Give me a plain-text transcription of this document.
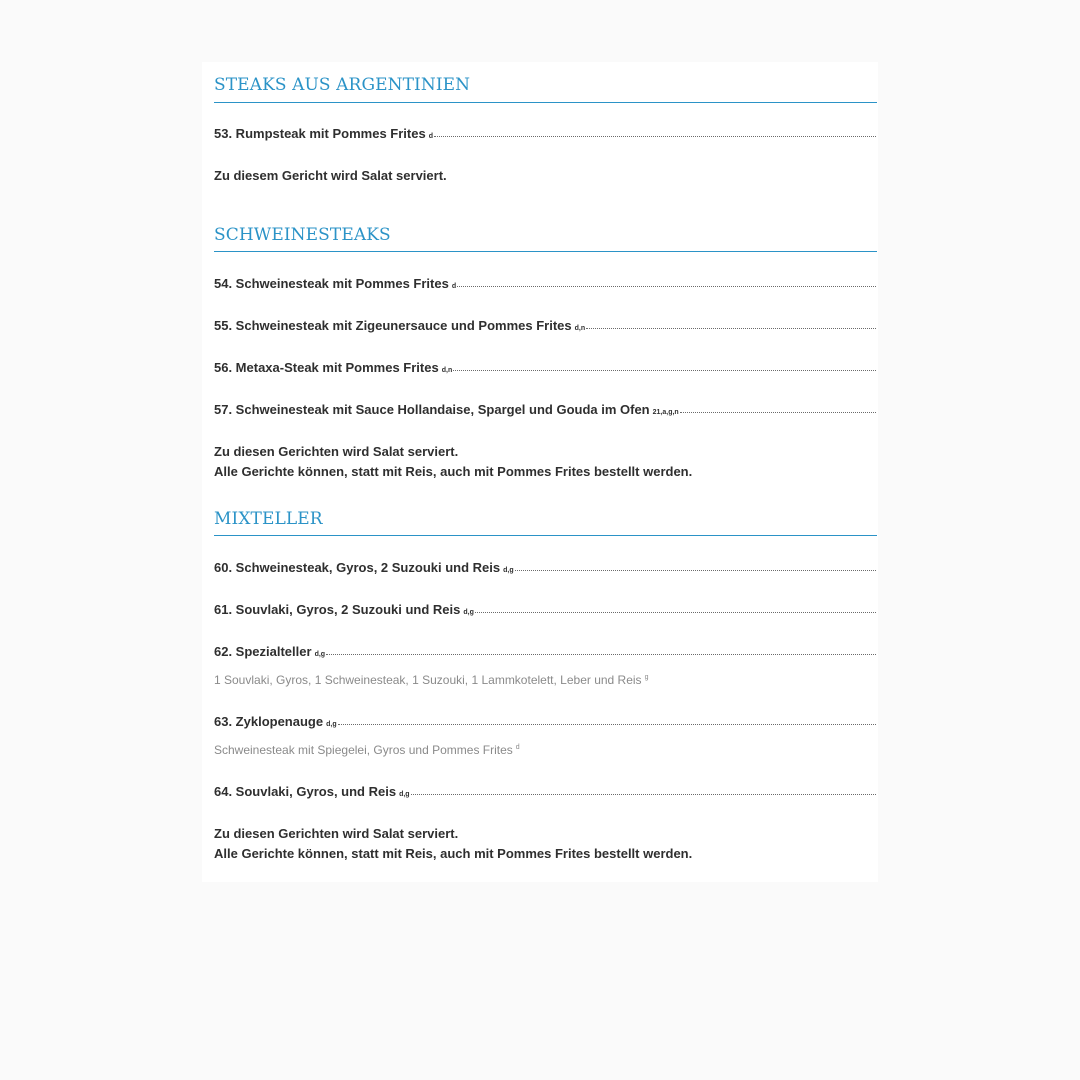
STEAKS AUS ARGENTINIEN
53. Rumpsteak mit Pommes Frites d
Zu diesem Gericht wird Salat serviert.
SCHWEINESTEAKS
54. Schweinesteak mit Pommes Frites d
55. Schweinesteak mit Zigeunersauce und Pommes Frites d,n
56. Metaxa-Steak mit Pommes Frites d,n
57. Schweinesteak mit Sauce Hollandaise, Spargel und Gouda im Ofen 21,a,g,n
Zu diesen Gerichten wird Salat serviert.
Alle Gerichte können, statt mit Reis, auch mit Pommes Frites bestellt werden.
MIXTELLER
60. Schweinesteak, Gyros, 2 Suzouki und Reis d,g
61. Souvlaki, Gyros, 2 Suzouki und Reis d,g
62. Spezialteller d,g
1 Souvlaki, Gyros, 1 Schweinesteak, 1 Suzouki, 1 Lammkotelett, Leber und Reis $^g$
63. Zyklopenauge d,g
Schweinesteak mit Spiegelei, Gyros und Pommes Frites $^d$
64. Souvlaki, Gyros, und Reis d,g
Zu diesen Gerichten wird Salat serviert.
Alle Gerichte können, statt mit Reis, auch mit Pommes Frites bestellt werden.
